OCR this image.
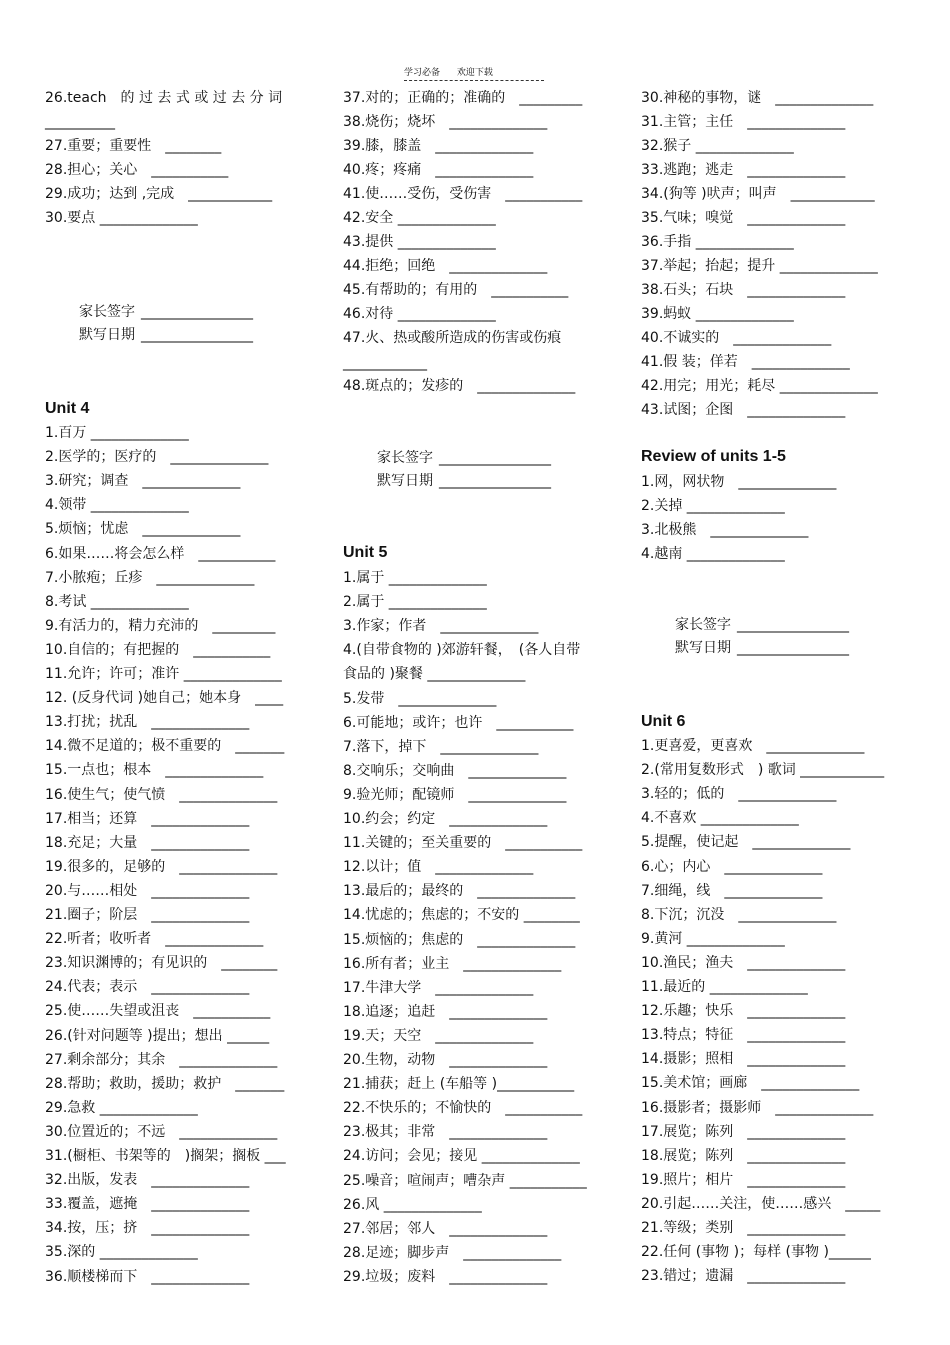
学习必备 欢迎下载
26.teach　的 过 去 式 或 过 去 分 词
__________
27.重要；重要性　________
28.担心；关心　___________
29.成功；达到 ,完成　____________
30.要点 ______________
家长签字 ________________
默写日期 ________________
Unit 4
1.百万 ______________
2.医学的；医疗的　______________
3.研究；调查　______________
4.领带 ______________
5.烦恼；忧虑　______________
6.如果……将会怎么样　___________
7.小脓疱；丘疹　______________
8.考试 ______________
9.有活力的，精力充沛的　_________
10.自信的；有把握的　___________
11.允许；许可；准许 ______________
12. (反身代词 )她自己；她本身　____
13.打扰；扰乱　______________
14.微不足道的；极不重要的　_______
15.一点也；根本　______________
16.使生气；使气愤　______________
17.相当；还算　______________
18.充足；大量　______________
19.很多的，足够的　______________
20.与……相处　______________
21.圈子；阶层　______________
22.听者；收听者　______________
23.知识渊博的；有见识的　________
24.代表；表示　______________
25.使……失望或沮丧　___________
26.(针对问题等 )提出；想出 ______
27.剩余部分；其余　______________
28.帮助；救助，援助；救护　_______
29.急救 ______________
30.位置近的；不远　______________
31.(橱柜、书架等的　)搁架；搁板 ___
32.出版，发表　______________
33.覆盖，遮掩　______________
34.按，压；挤　______________
35.深的 ______________
36.顺楼梯而下　______________
37.对的；正确的；准确的　_________
38.烧伤；烧坏　______________
39.膝，膝盖　______________
40.疼；疼痛　______________
41.使……受伤，受伤害　___________
42.安全 ______________
43.提供 ______________
44.拒绝；回绝　______________
45.有帮助的；有用的　___________
46.对待 ______________
47.火、热或酸所造成的伤害或伤痕
____________
48.斑点的；发疹的　______________
家长签字 ________________
默写日期 ________________
Unit 5
1.属于 ______________
2.属于 ______________
3.作家；作者　______________
4.(自带食物的 )郊游轩餐，　(各人自带
食品的 )聚餐 ______________
5.发带　______________
6.可能地；或许；也许　___________
7.落下，掉下　______________
8.交响乐；交响曲　______________
9.验光师；配镜师　______________
10.约会；约定　______________
11.关键的；至关重要的　___________
12.以计；值　______________
13.最后的；最终的　______________
14.忧虑的；焦虑的；不安的 ________
15.烦恼的；焦虑的　______________
16.所有者；业主　______________
17.牛津大学　______________
18.追逐；追赶　______________
19.天；天空　______________
20.生物，动物　______________
21.捕获；赶上 (车船等 )___________
22.不快乐的；不愉快的　___________
23.极其；非常　______________
24.访问；会见；接见 ______________
25.噪音；喧闹声；嘈杂声 ___________
26.风 ______________
27.邻居；邻人　______________
28.足迹；脚步声　______________
29.垃圾；废料　______________
30.神秘的事物，谜　______________
31.主管；主任　______________
32.猴子 ______________
33.逃跑；逃走　______________
34.(狗等 )吠声；叫声　____________
35.气味；嗅觉　______________
36.手指 ______________
37.举起；抬起；提升 ______________
38.石头；石块　______________
39.蚂蚁 ______________
40.不诚实的　______________
41.假 装；佯若　______________
42.用完；用光；耗尽 ______________
43.试图；企图　______________
Review of units 1-5
1.网，网状物　______________
2.关掉 ______________
3.北极熊　______________
4.越南 ______________
家长签字 ________________
默写日期 ________________
Unit 6
1.更喜爱，更喜欢　______________
2.(常用复数形式　) 歌词 ____________
3.轻的；低的　______________
4.不喜欢 ______________
5.提醒，使记起　______________
6.心；内心　______________
7.细绳，线　______________
8.下沉；沉没　______________
9.黄河 ______________
10.渔民；渔夫　______________
11.最近的 ______________
12.乐趣；快乐　______________
13.特点；特征　______________
14.摄影；照相　______________
15.美术馆；画廊　______________
16.摄影者；摄影师　______________
17.展览；陈列　______________
18.展览；陈列　______________
19.照片；相片　______________
20.引起……关注，使……感兴　_____
21.等级；类别　______________
22.任何 (事物 )；每样 (事物 )______
23.错过；遗漏　______________
